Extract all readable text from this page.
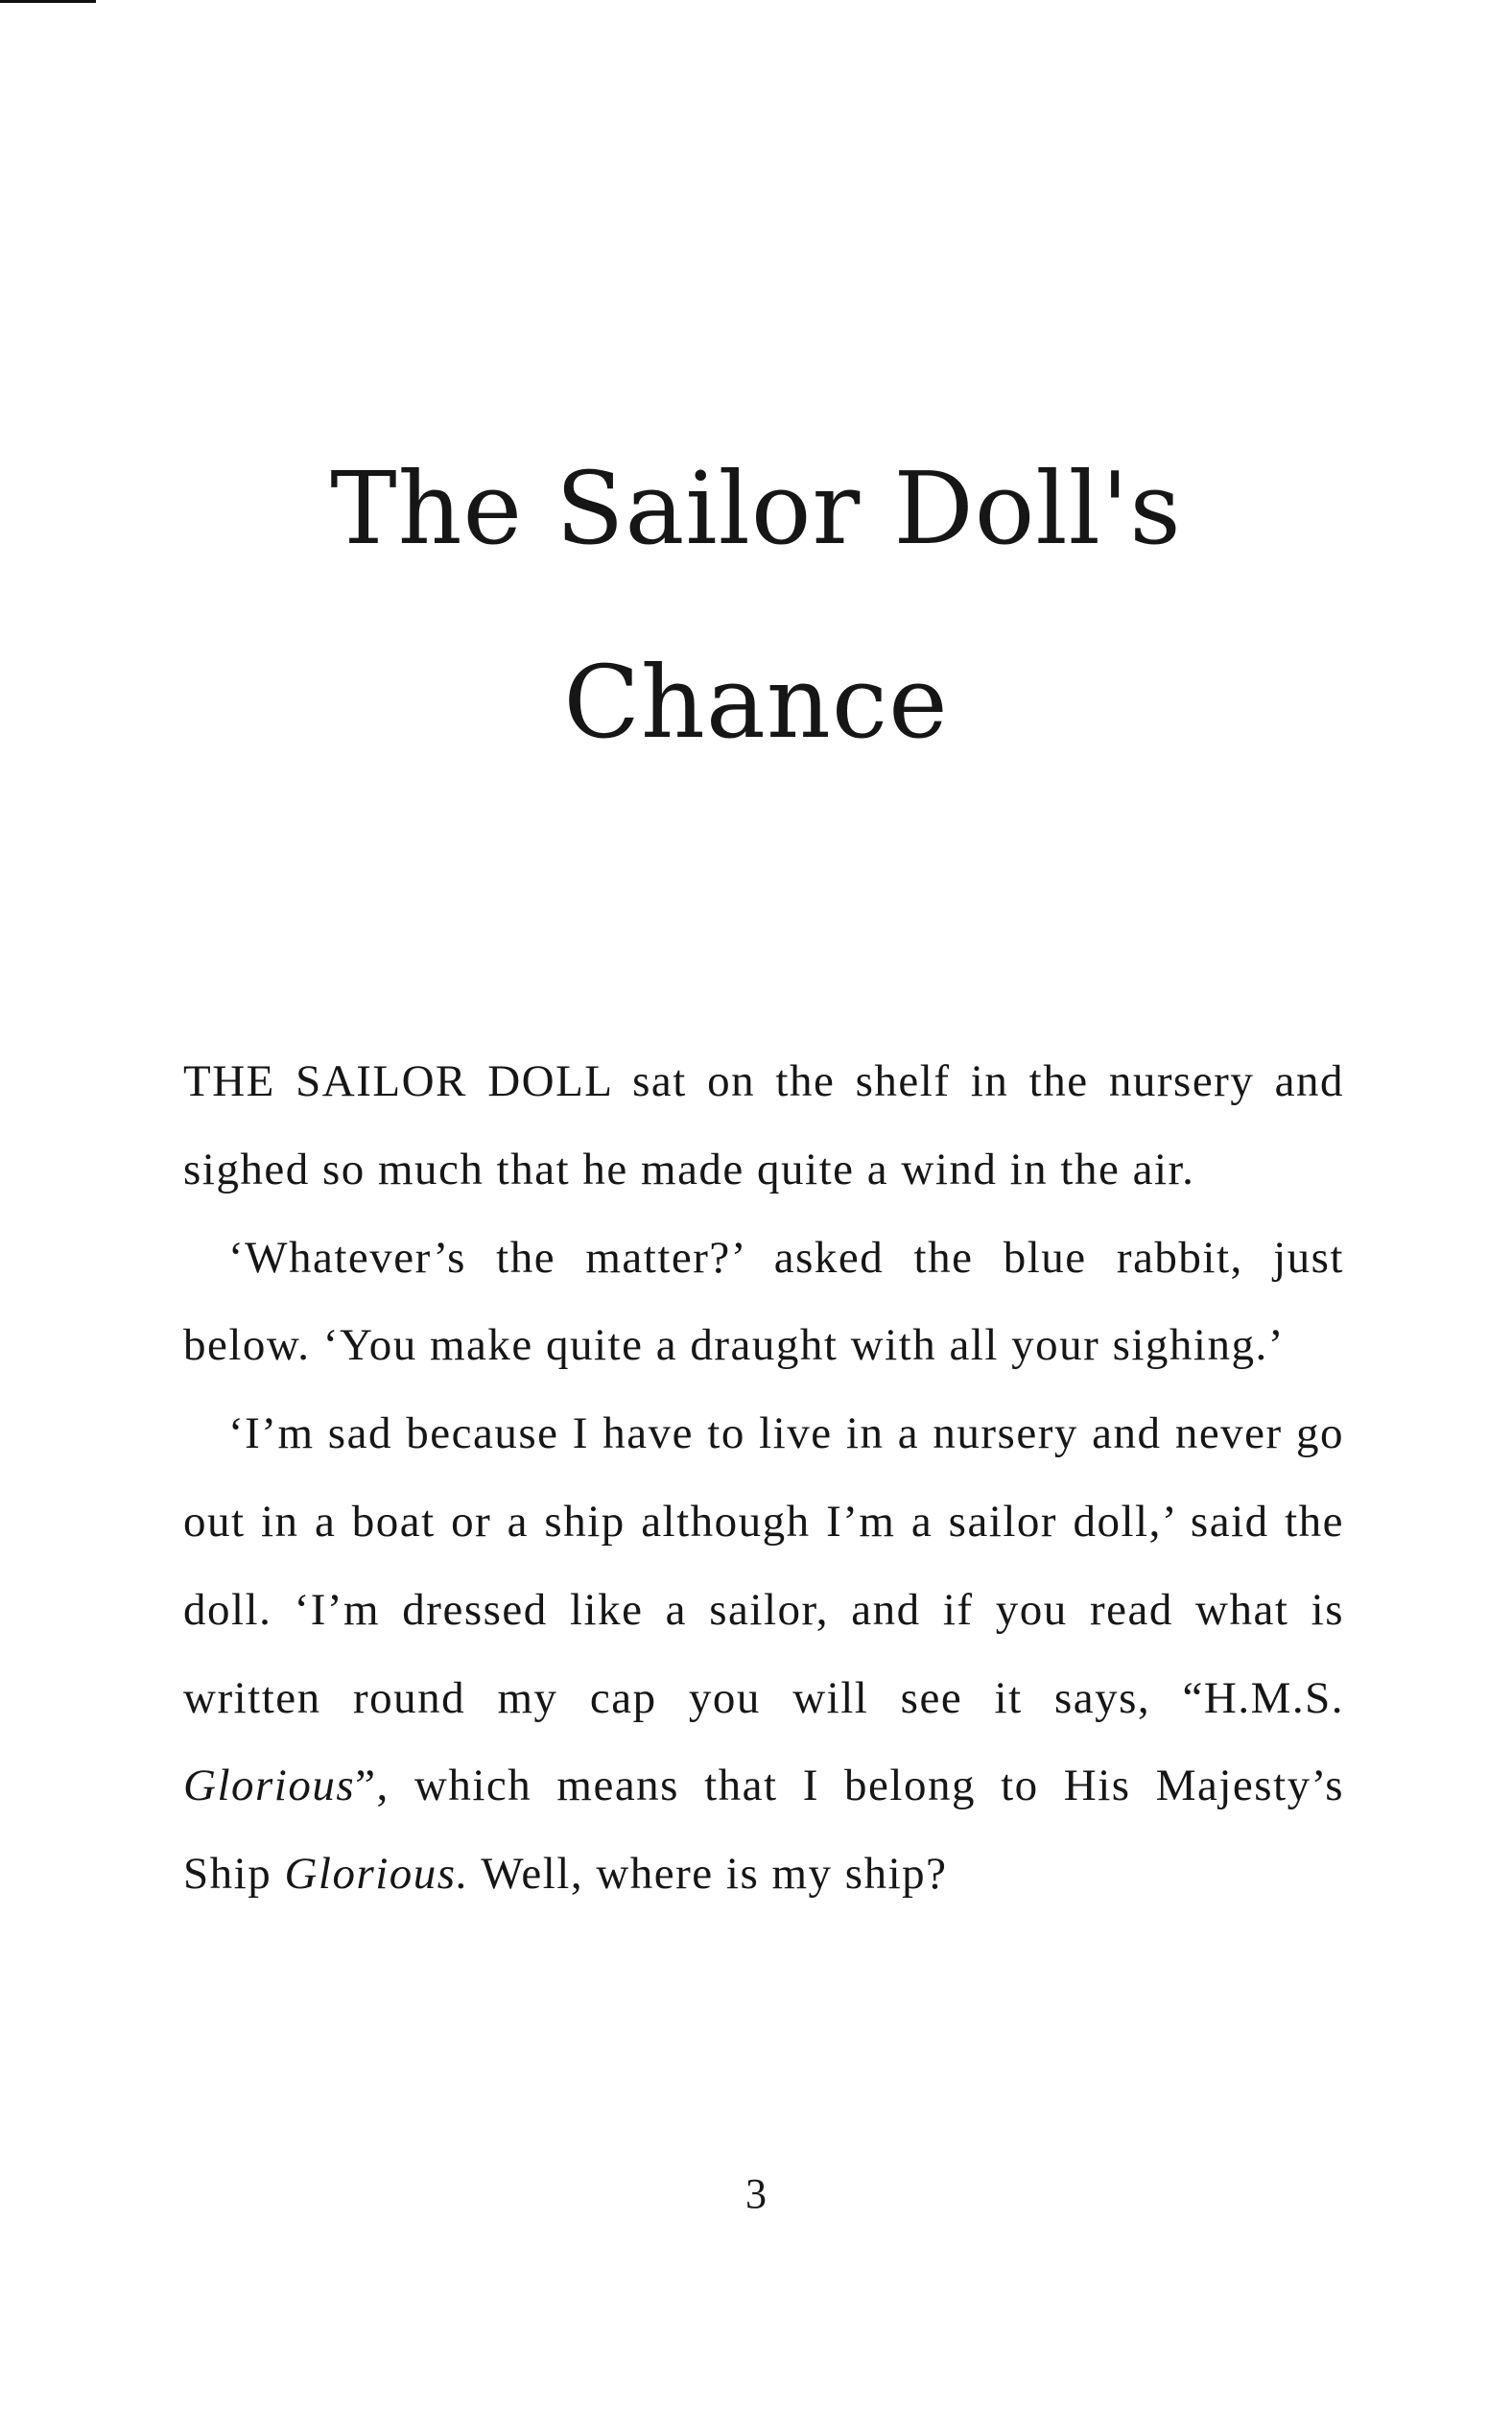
The Sailor Doll's
Chance

THE SAILOR DOLL sat on the shelf in the nursery and sighed so much that he made quite a wind in the air.

‘Whatever’s the matter?’ asked the blue rabbit, just below. ‘You make quite a draught with all your sighing.’

‘I’m sad because I have to live in a nursery and never go out in a boat or a ship although I’m a sailor doll,’ said the doll. ‘I’m dressed like a sailor, and if you read what is written round my cap you will see it says, “H.M.S. Glorious”, which means that I belong to His Majesty’s Ship Glorious. Well, where is my ship?

3
